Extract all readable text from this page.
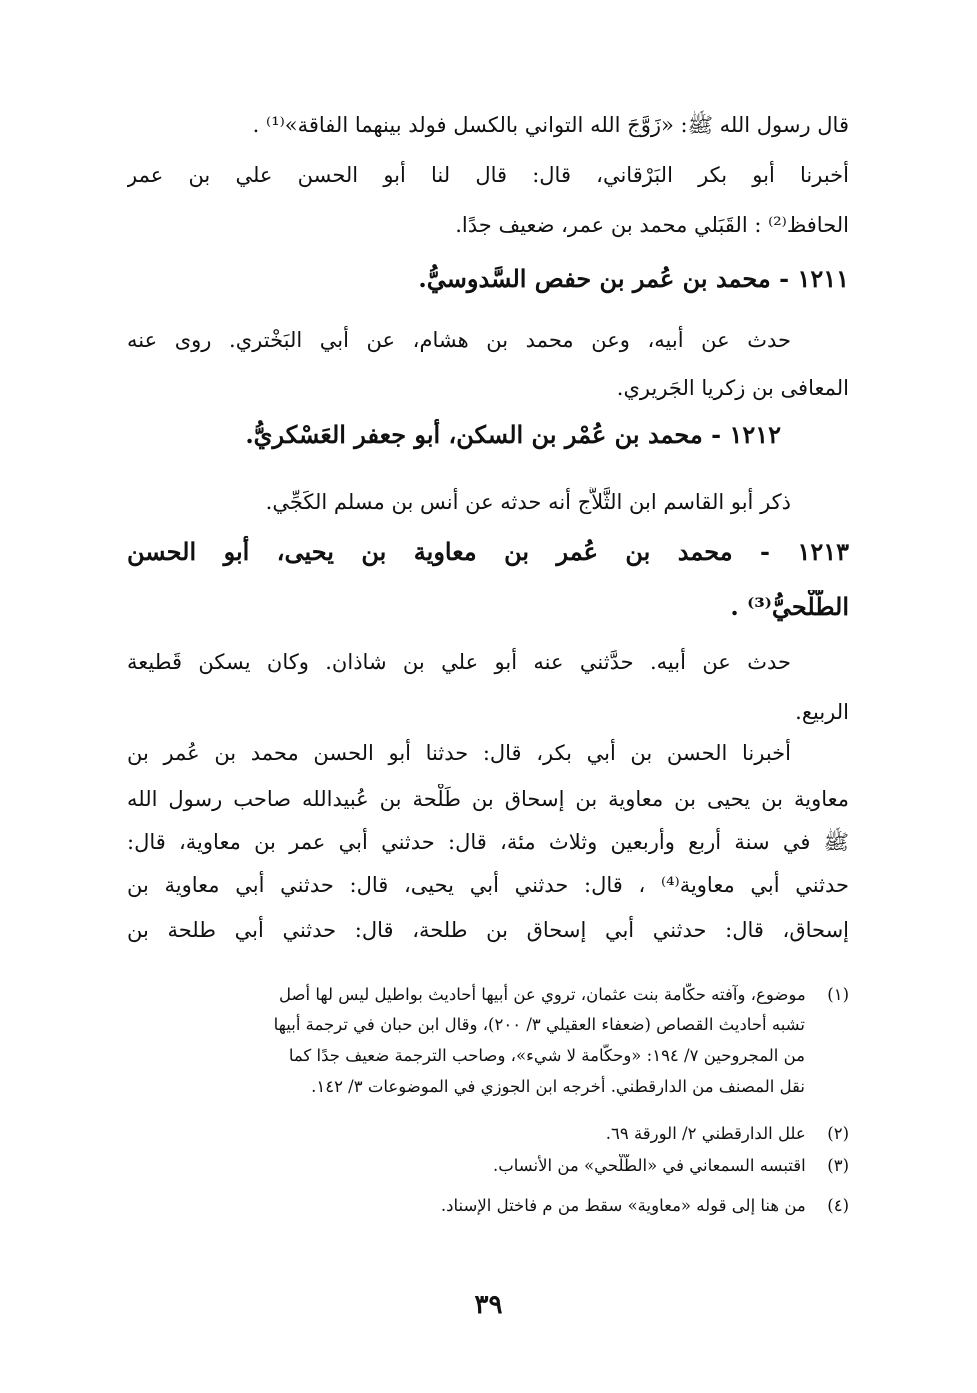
قال رسول الله ﷺ: «زَوَّجَ الله التواني بالكسل فولد بينهما الفاقة»⁽¹⁾ .
أخبرنا أبو بكر البَرْقاني، قال: قال لنا أبو الحسن علي بن عمر
الحافظ⁽²⁾ : القَبَلي محمد بن عمر، ضعيف جدًا.
١٢١١ - محمد بن عُمر بن حفص السَّدوسيُّ.
حدث عن أبيه، وعن محمد بن هشام، عن أبي البَخْتري. روى عنه
المعافى بن زكريا الجَريري.
١٢١٢ - محمد بن عُمْر بن السكن، أبو جعفر العَسْكريُّ.
ذكر أبو القاسم ابن الثَّلاَّج أنه حدثه عن أنس بن مسلم الكَجِّي.
١٢١٣ - محمد بن عُمر بن معاوية بن يحيى، أبو الحسن
الطَّلْحيُّ⁽³⁾ .
حدث عن أبيه. حدَّثني عنه أبو علي بن شاذان. وكان يسكن قَطيعة
الربيع.
أخبرنا الحسن بن أبي بكر، قال: حدثنا أبو الحسن محمد بن عُمر بن
معاوية بن يحيى بن معاوية بن إسحاق بن طَلْحة بن عُبيدالله صاحب رسول الله
ﷺ في سنة أربع وأربعين وثلاث مئة، قال: حدثني أبي عمر بن معاوية، قال:
حدثني أبي معاوية⁽⁴⁾ ، قال: حدثني أبي يحيى، قال: حدثني أبي معاوية بن
إسحاق، قال: حدثني أبي إسحاق بن طلحة، قال: حدثني أبي طلحة بن
(١) موضوع، وآفته حكّامة بنت عثمان، تروي عن أبيها أحاديث بواطيل ليس لها أصل
تشبه أحاديث القصاص (ضعفاء العقيلي ٣/ ٢٠٠)، وقال ابن حبان في ترجمة أبيها
من المجروحين ٧/ ١٩٤: «وحكّامة لا شيء»، وصاحب الترجمة ضعيف جدًا كما
نقل المصنف من الدارقطني. أخرجه ابن الجوزي في الموضوعات ٣/ ١٤٢.
(٢) علل الدارقطني ٢/ الورقة ٦٩.
(٣) اقتبسه السمعاني في «الطَّلْحي» من الأنساب.
(٤) من هنا إلى قوله «معاوية» سقط من م فاختل الإسناد.
٣٩
